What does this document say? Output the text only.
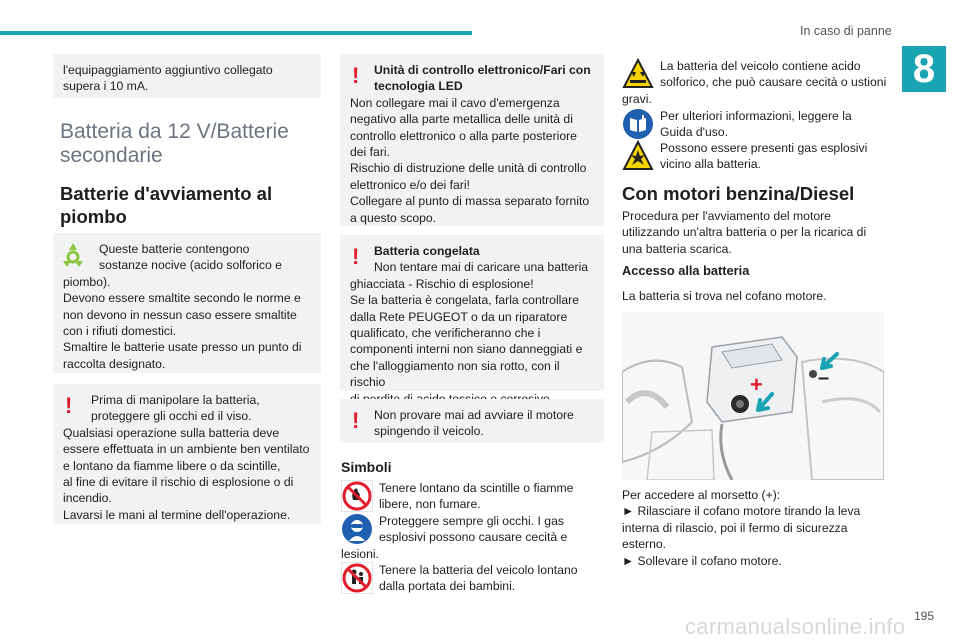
In caso di panne
8
l'equipaggiamento aggiuntivo collegato
supera i 10 mA.
Batteria da 12 V/Batterie
secondarie
Batterie d'avviamento al
piombo
Queste batterie contengono
sostanze nocive (acido solforico e
piombo).
Devono essere smaltite secondo le norme e
non devono in nessun caso essere smaltite
con i rifiuti domestici.
Smaltire le batterie usate presso un punto di
raccolta designato.
!	Prima di manipolare la batteria,
proteggere gli occhi ed il viso.
Qualsiasi operazione sulla batteria deve
essere effettuata in un ambiente ben ventilato
e lontano da fiamme libere o da scintille,
al fine di evitare il rischio di esplosione o di
incendio.
Lavarsi le mani al termine dell'operazione.
!	Unità di controllo elettronico/Fari con
tecnologia LED
Non collegare mai il cavo d'emergenza
negativo alla parte metallica delle unità di
controllo elettronico o alla parte posteriore
dei fari.
Rischio di distruzione delle unità di controllo
elettronico e/o dei fari!
Collegare al punto di massa separato fornito
a questo scopo.
!	Batteria congelata
Non tentare mai di caricare una batteria
ghiacciata - Rischio di esplosione!
Se la batteria è congelata, farla controllare
dalla Rete PEUGEOT o da un riparatore
qualificato, che verificheranno che i
componenti interni non siano danneggiati e
che l'alloggiamento non sia rotto, con il rischio
!	Non provare mai ad avviare il motore
spingendo il veicolo.
Simboli
Tenere lontano da scintille o fiamme
libere, non fumare.
Proteggere sempre gli occhi. I gas
esplosivi possono causare cecità e
lesioni.
Tenere la batteria del veicolo lontano
dalla portata dei bambini.
La batteria del veicolo contiene acido
solforico, che può causare cecità o ustioni
gravi.
Per ulteriori informazioni, leggere la
Guida d'uso.
Possono essere presenti gas esplosivi
vicino alla batteria.
Con motori benzina/Diesel
Procedura per l'avviamento del motore
utilizzando un'altra batteria o per la ricarica di
una batteria scarica.
Accesso alla batteria
La batteria si trova nel cofano motore.
+	–
Per accedere al morsetto (+):
► Rilasciare il cofano motore tirando la leva
interna di rilascio, poi il fermo di sicurezza
esterno.
► Sollevare il cofano motore.
carmanualsonline.info 195
